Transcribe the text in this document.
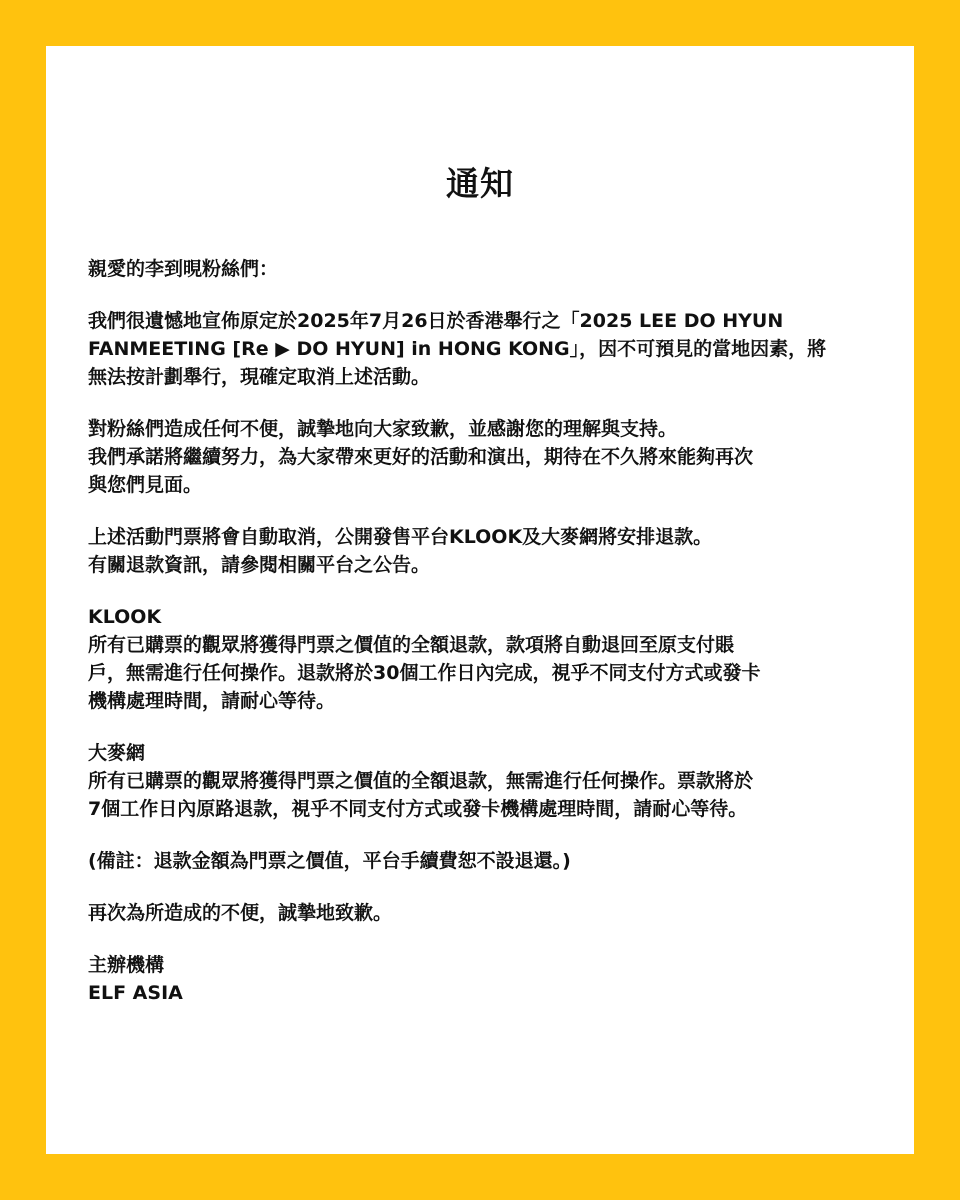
通知

親愛的李到晛粉絲們：

我們很遺憾地宣佈原定於2025年7月26日於香港舉行之「2025 LEE DO HYUN
FANMEETING [Re ▶ DO HYUN] in HONG KONG」，因不可預見的當地因素，將
無法按計劃舉行，現確定取消上述活動。

對粉絲們造成任何不便，誠摯地向大家致歉，並感謝您的理解與支持。
我們承諾將繼續努力，為大家帶來更好的活動和演出，期待在不久將來能夠再次
與您們見面。

上述活動門票將會自動取消，公開發售平台KLOOK及大麥網將安排退款。
有關退款資訊，請參閱相關平台之公告。

KLOOK
所有已購票的觀眾將獲得門票之價值的全額退款，款項將自動退回至原支付賬
戶，無需進行任何操作。退款將於30個工作日內完成，視乎不同支付方式或發卡
機構處理時間，請耐心等待。

大麥網
所有已購票的觀眾將獲得門票之價值的全額退款，無需進行任何操作。票款將於
7個工作日內原路退款，視乎不同支付方式或發卡機構處理時間，請耐心等待。

(備註：退款金額為門票之價值，平台手續費恕不設退還。)

再次為所造成的不便，誠摯地致歉。

主辦機構
ELF ASIA
